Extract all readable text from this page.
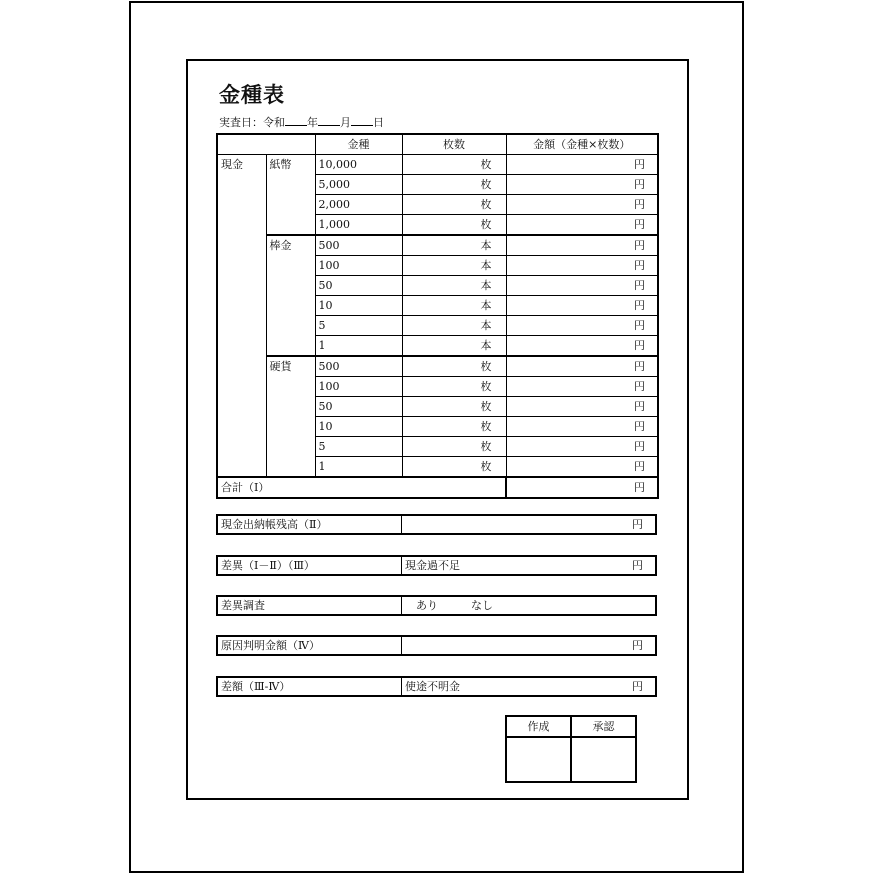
金種表
実査日：令和 年 月 日
		金種	枚数	金額（金種×枚数）
現金	紙幣	10,000	枚	円
		5,000	枚	円
		2,000	枚	円
		1,000	枚	円
	棒金	500	本	円
		100	本	円
		50	本	円
		10	本	円
		5	本	円
		1	本	円
	硬貨	500	枚	円
		100	枚	円
		50	枚	円
		10	枚	円
		5	枚	円
		1	枚	円
合計（Ⅰ）				円
現金出納帳残高（Ⅱ）	円
差異（Ⅰ－Ⅱ）（Ⅲ）	現金過不足	円
差異調査	あり　　　なし
原因判明金額（Ⅳ）	円
差額（Ⅲ-Ⅳ）	使途不明金	円
作成	承認
